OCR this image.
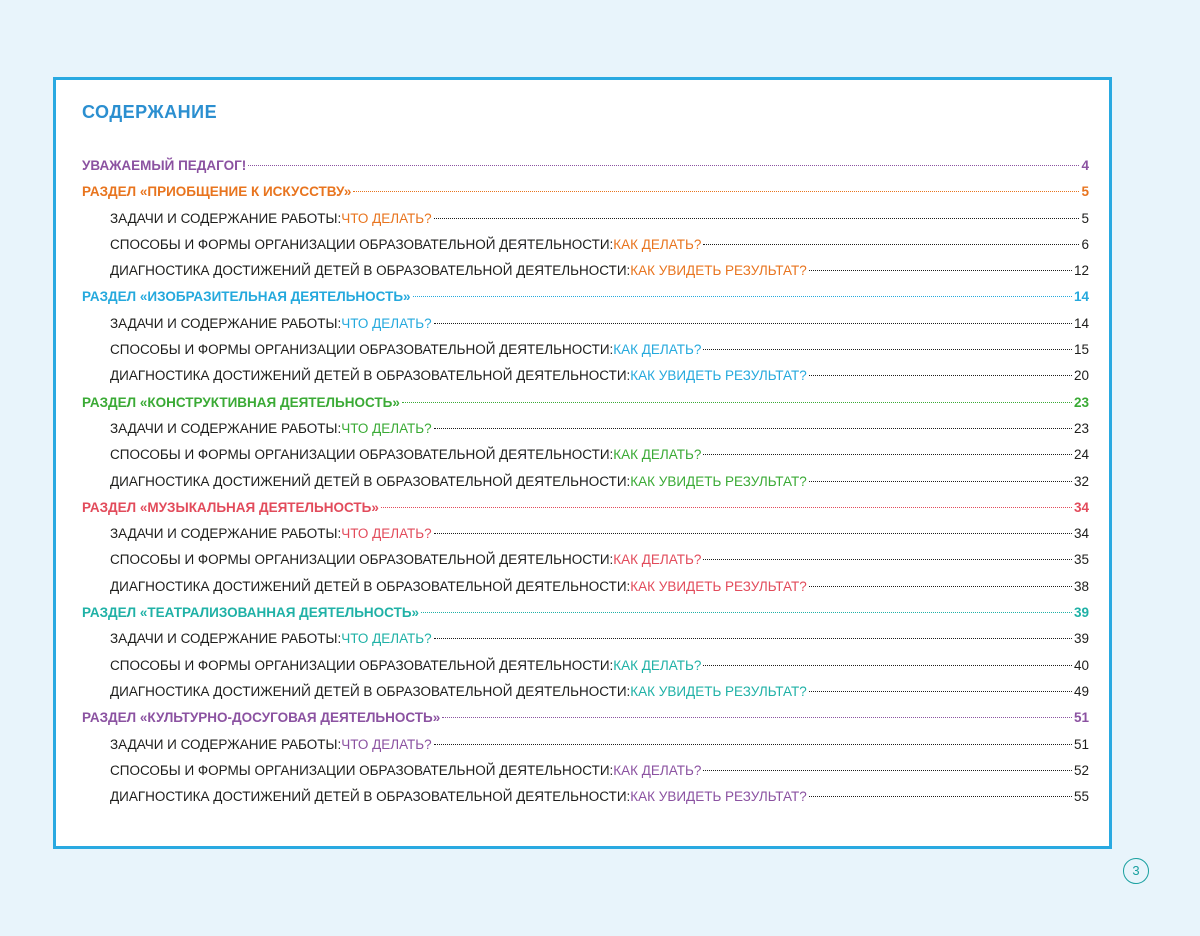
СОДЕРЖАНИЕ
УВАЖАЕМЫЙ ПЕДАГОГ!	4
РАЗДЕЛ «ПРИОБЩЕНИЕ К ИСКУССТВУ»	5
ЗАДАЧИ И СОДЕРЖАНИЕ РАБОТЫ: ЧТО ДЕЛАТЬ?	5
СПОСОБЫ И ФОРМЫ ОРГАНИЗАЦИИ ОБРАЗОВАТЕЛЬНОЙ ДЕЯТЕЛЬНОСТИ: КАК ДЕЛАТЬ?	6
ДИАГНОСТИКА ДОСТИЖЕНИЙ ДЕТЕЙ В ОБРАЗОВАТЕЛЬНОЙ ДЕЯТЕЛЬНОСТИ: КАК УВИДЕТЬ РЕЗУЛЬТАТ?	12
РАЗДЕЛ «ИЗОБРАЗИТЕЛЬНАЯ ДЕЯТЕЛЬНОСТЬ»	14
ЗАДАЧИ И СОДЕРЖАНИЕ РАБОТЫ: ЧТО ДЕЛАТЬ?	14
СПОСОБЫ И ФОРМЫ ОРГАНИЗАЦИИ ОБРАЗОВАТЕЛЬНОЙ ДЕЯТЕЛЬНОСТИ: КАК ДЕЛАТЬ?	15
ДИАГНОСТИКА ДОСТИЖЕНИЙ ДЕТЕЙ В ОБРАЗОВАТЕЛЬНОЙ ДЕЯТЕЛЬНОСТИ: КАК УВИДЕТЬ РЕЗУЛЬТАТ?	20
РАЗДЕЛ «КОНСТРУКТИВНАЯ ДЕЯТЕЛЬНОСТЬ»	23
ЗАДАЧИ И СОДЕРЖАНИЕ РАБОТЫ: ЧТО ДЕЛАТЬ?	23
СПОСОБЫ И ФОРМЫ ОРГАНИЗАЦИИ ОБРАЗОВАТЕЛЬНОЙ ДЕЯТЕЛЬНОСТИ: КАК ДЕЛАТЬ?	24
ДИАГНОСТИКА ДОСТИЖЕНИЙ ДЕТЕЙ В ОБРАЗОВАТЕЛЬНОЙ ДЕЯТЕЛЬНОСТИ: КАК УВИДЕТЬ РЕЗУЛЬТАТ?	32
РАЗДЕЛ «МУЗЫКАЛЬНАЯ ДЕЯТЕЛЬНОСТЬ»	34
ЗАДАЧИ И СОДЕРЖАНИЕ РАБОТЫ: ЧТО ДЕЛАТЬ?	34
СПОСОБЫ И ФОРМЫ ОРГАНИЗАЦИИ ОБРАЗОВАТЕЛЬНОЙ ДЕЯТЕЛЬНОСТИ: КАК ДЕЛАТЬ?	35
ДИАГНОСТИКА ДОСТИЖЕНИЙ ДЕТЕЙ В ОБРАЗОВАТЕЛЬНОЙ ДЕЯТЕЛЬНОСТИ: КАК УВИДЕТЬ РЕЗУЛЬТАТ?	38
РАЗДЕЛ «ТЕАТРАЛИЗОВАННАЯ ДЕЯТЕЛЬНОСТЬ»	39
ЗАДАЧИ И СОДЕРЖАНИЕ РАБОТЫ: ЧТО ДЕЛАТЬ?	39
СПОСОБЫ И ФОРМЫ ОРГАНИЗАЦИИ ОБРАЗОВАТЕЛЬНОЙ ДЕЯТЕЛЬНОСТИ: КАК ДЕЛАТЬ?	40
ДИАГНОСТИКА ДОСТИЖЕНИЙ ДЕТЕЙ В ОБРАЗОВАТЕЛЬНОЙ ДЕЯТЕЛЬНОСТИ: КАК УВИДЕТЬ РЕЗУЛЬТАТ?	49
РАЗДЕЛ «КУЛЬТУРНО-ДОСУГОВАЯ ДЕЯТЕЛЬНОСТЬ»	51
ЗАДАЧИ И СОДЕРЖАНИЕ РАБОТЫ: ЧТО ДЕЛАТЬ?	51
СПОСОБЫ И ФОРМЫ ОРГАНИЗАЦИИ ОБРАЗОВАТЕЛЬНОЙ ДЕЯТЕЛЬНОСТИ: КАК ДЕЛАТЬ?	52
ДИАГНОСТИКА ДОСТИЖЕНИЙ ДЕТЕЙ В ОБРАЗОВАТЕЛЬНОЙ ДЕЯТЕЛЬНОСТИ: КАК УВИДЕТЬ РЕЗУЛЬТАТ?	55
3
